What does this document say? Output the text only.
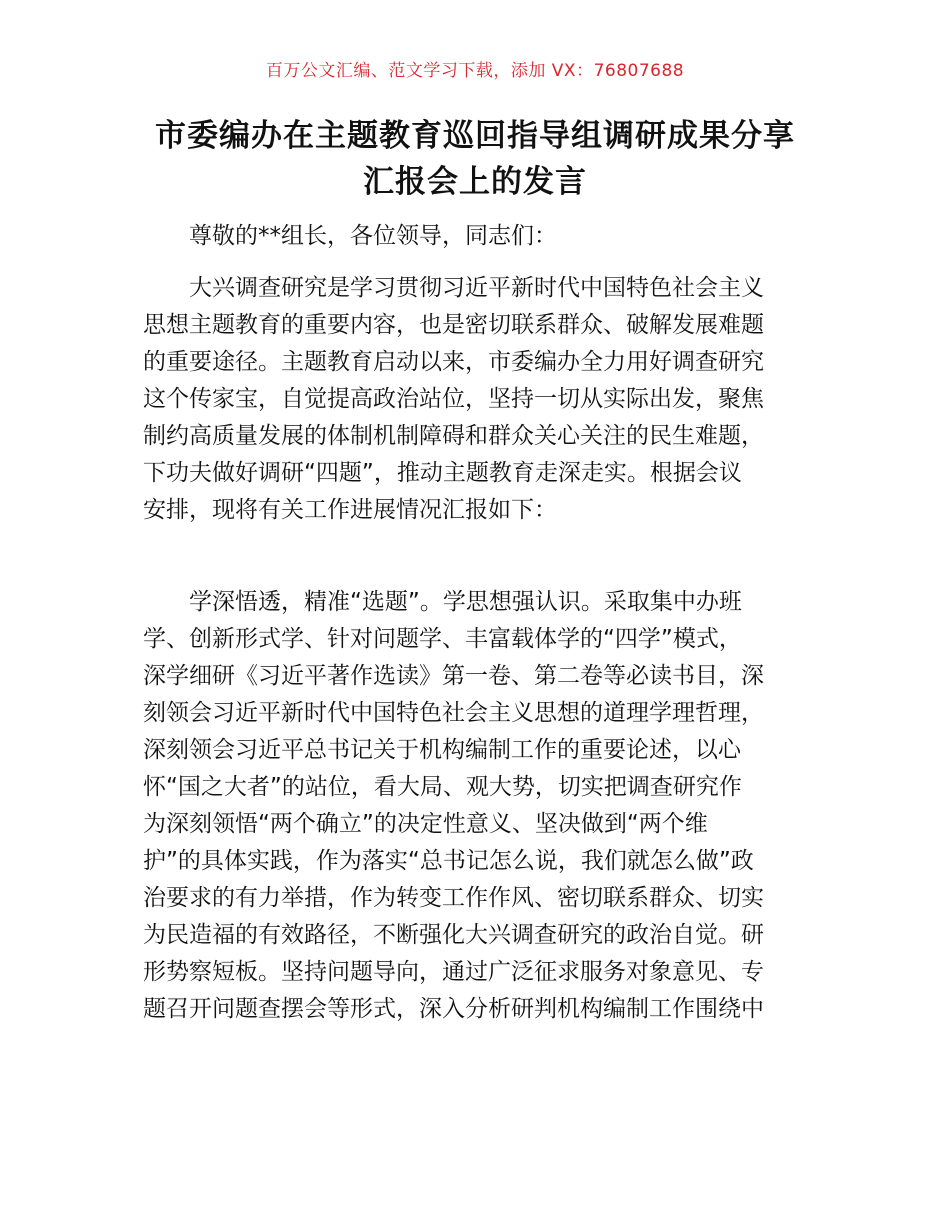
百万公文汇编、范文学习下载，添加 VX：76807688
市委编办在主题教育巡回指导组调研成果分享
汇报会上的发言
　　尊敬的**组长，各位领导，同志们：
　　大兴调查研究是学习贯彻习近平新时代中国特色社会主义
思想主题教育的重要内容，也是密切联系群众、破解发展难题
的重要途径。主题教育启动以来，市委编办全力用好调查研究
这个传家宝，自觉提高政治站位，坚持一切从实际出发，聚焦
制约高质量发展的体制机制障碍和群众关心关注的民生难题，
下功夫做好调研“四题”，推动主题教育走深走实。根据会议
安排，现将有关工作进展情况汇报如下：
　　学深悟透，精准“选题”。学思想强认识。采取集中办班
学、创新形式学、针对问题学、丰富载体学的“四学”模式，
深学细研《习近平著作选读》第一卷、第二卷等必读书目，深
刻领会习近平新时代中国特色社会主义思想的道理学理哲理，
深刻领会习近平总书记关于机构编制工作的重要论述，以心
怀“国之大者”的站位，看大局、观大势，切实把调查研究作
为深刻领悟“两个确立”的决定性意义、坚决做到“两个维
护”的具体实践，作为落实“总书记怎么说，我们就怎么做”政
治要求的有力举措，作为转变工作作风、密切联系群众、切实
为民造福的有效路径，不断强化大兴调查研究的政治自觉。研
形势察短板。坚持问题导向，通过广泛征求服务对象意见、专
题召开问题查摆会等形式，深入分析研判机构编制工作围绕中
